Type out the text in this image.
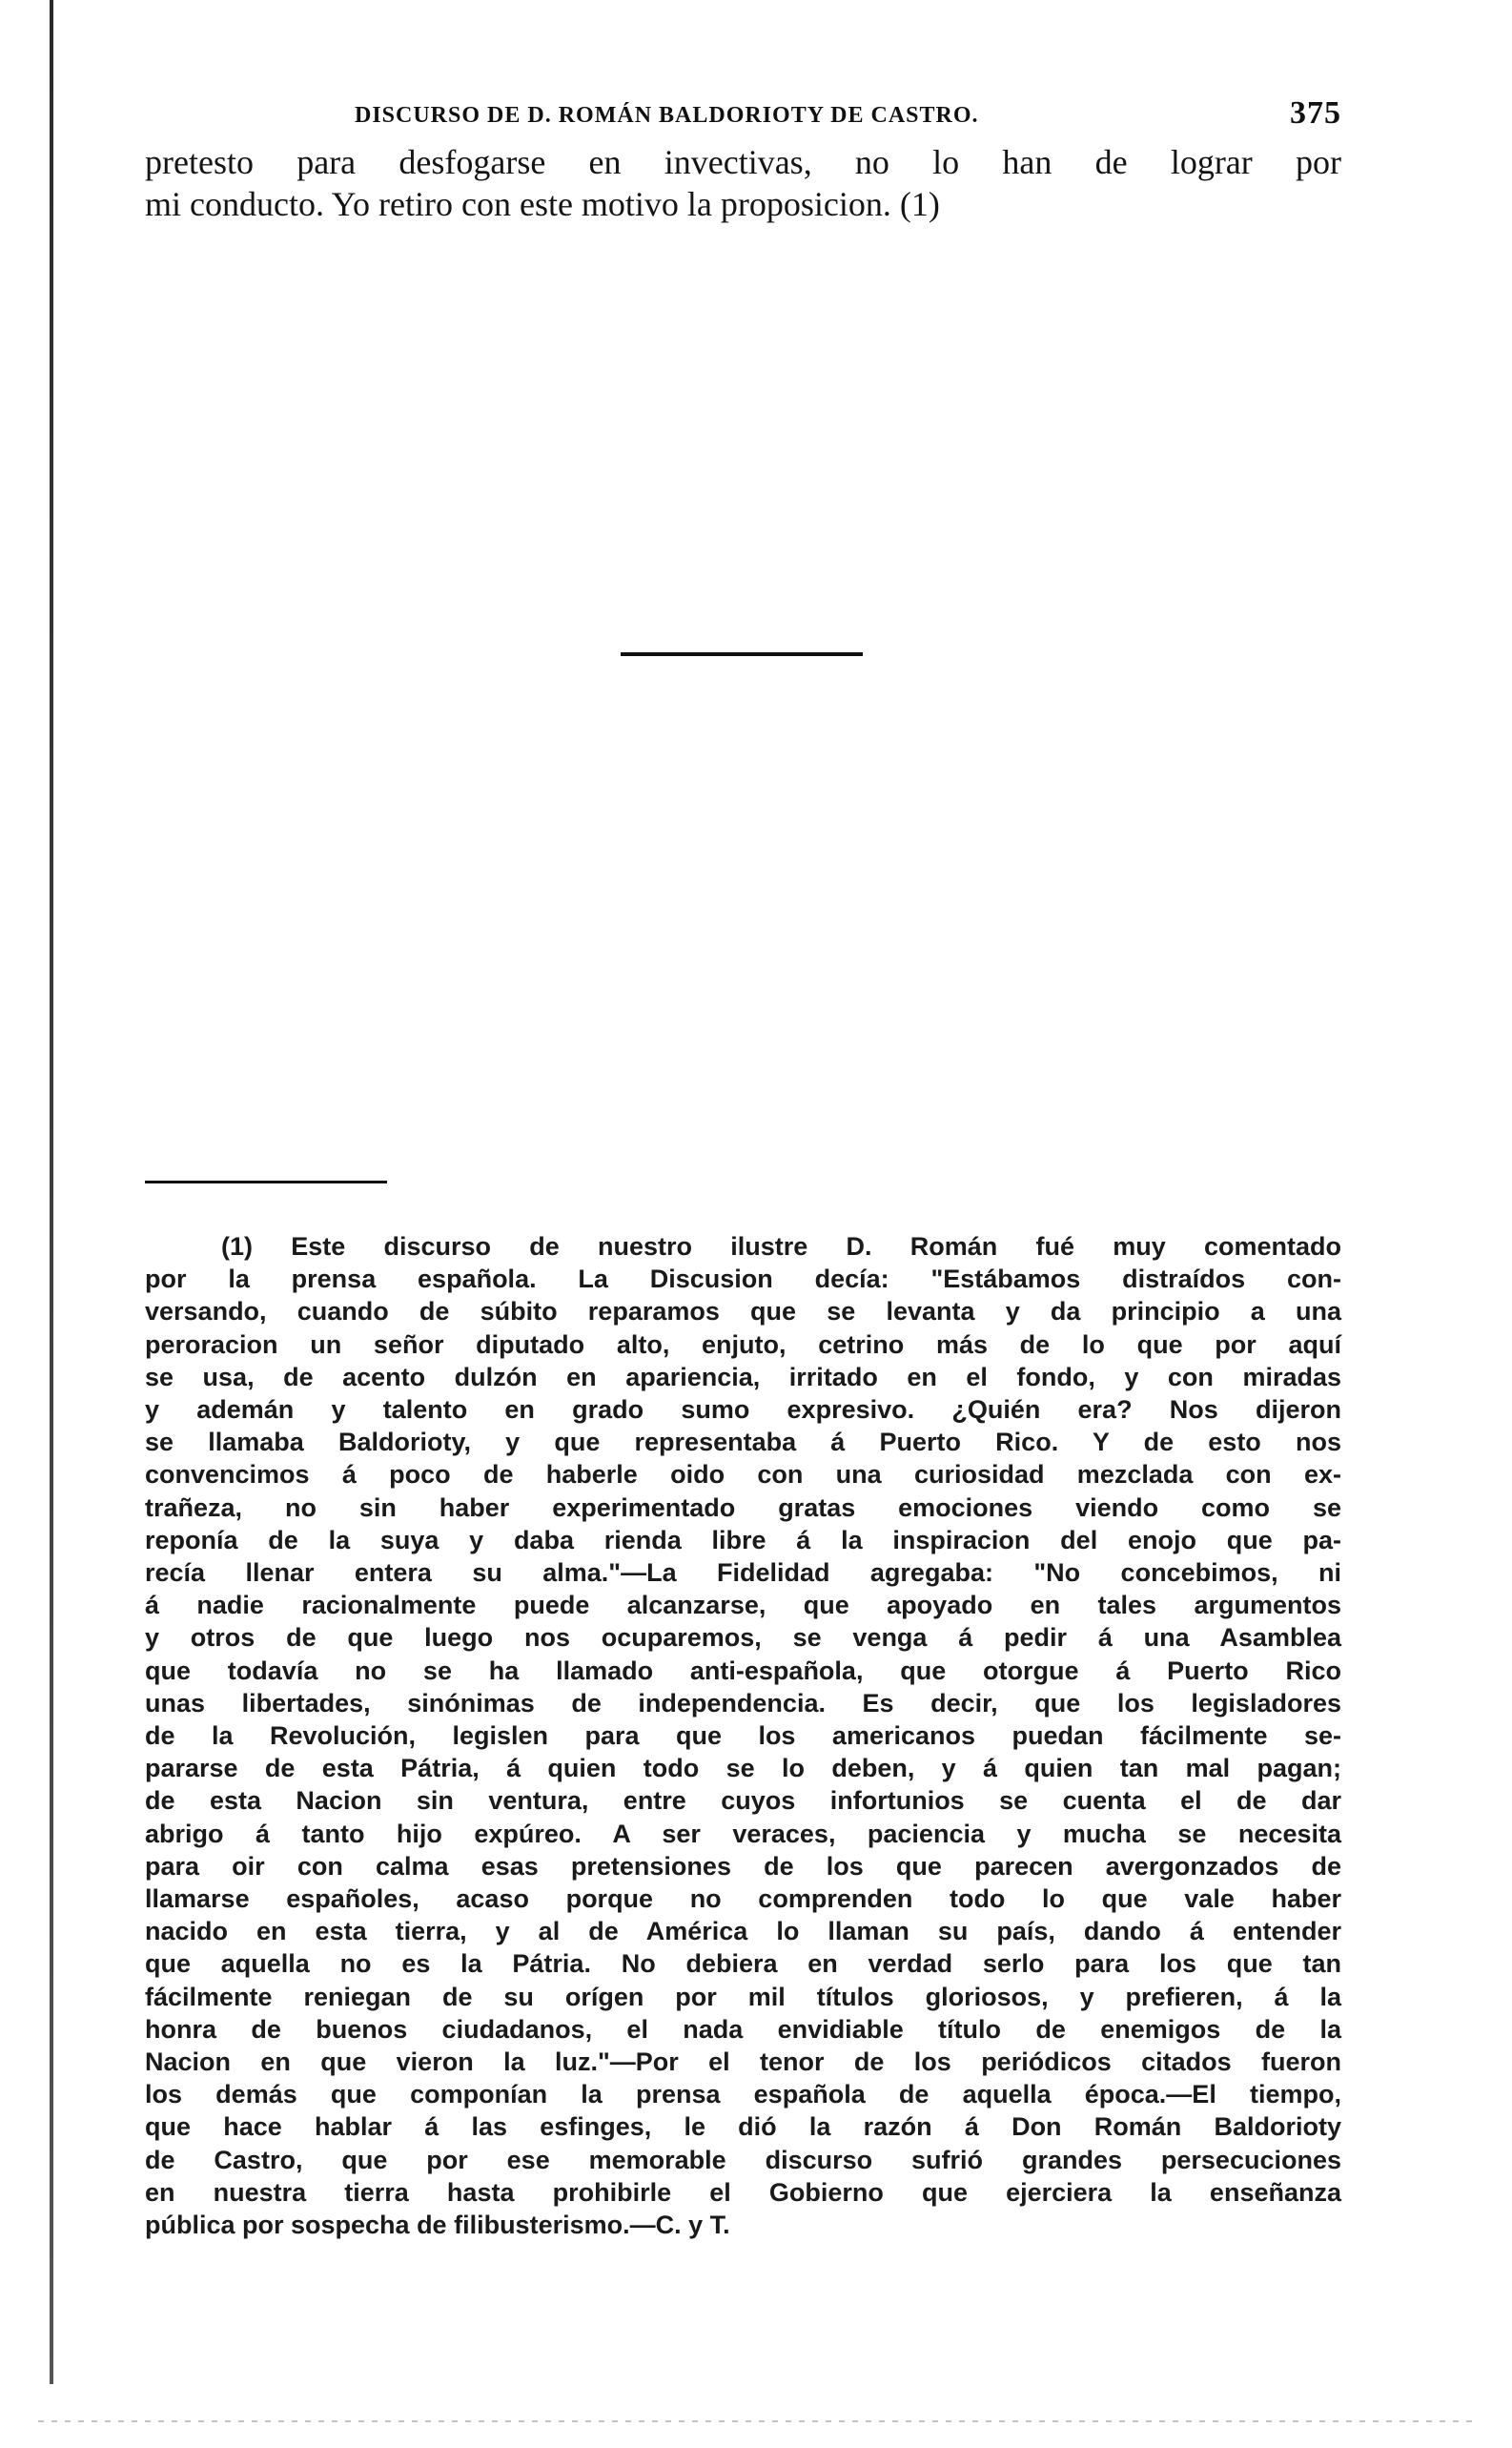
DISCURSO DE D. ROMÁN BALDORIOTY DE CASTRO.	375

pretesto para desfogarse en invectivas, no lo han de lograr por
mi conducto. Yo retiro con este motivo la proposicion. (1)

(1) Este discurso de nuestro ilustre D. Román fué muy comentado
por la prensa española. La Discusion decía: "Estábamos distraídos con-
versando, cuando de súbito reparamos que se levanta y da principio a una
peroracion un señor diputado alto, enjuto, cetrino más de lo que por aquí
se usa, de acento dulzón en apariencia, irritado en el fondo, y con miradas
y ademán y talento en grado sumo expresivo. ¿Quién era? Nos dijeron
se llamaba Baldorioty, y que representaba á Puerto Rico. Y de esto nos
convencimos á poco de haberle oido con una curiosidad mezclada con ex-
trañeza, no sin haber experimentado gratas emociones viendo como se
reponía de la suya y daba rienda libre á la inspiracion del enojo que pa-
recía llenar entera su alma."—La Fidelidad agregaba: "No concebimos, ni
á nadie racionalmente puede alcanzarse, que apoyado en tales argumentos
y otros de que luego nos ocuparemos, se venga á pedir á una Asamblea
que todavía no se ha llamado anti-española, que otorgue á Puerto Rico
unas libertades, sinónimas de independencia. Es decir, que los legisladores
de la Revolución, legislen para que los americanos puedan fácilmente se-
pararse de esta Pátria, á quien todo se lo deben, y á quien tan mal pagan;
de esta Nacion sin ventura, entre cuyos infortunios se cuenta el de dar
abrigo á tanto hijo expúreo. A ser veraces, paciencia y mucha se necesita
para oir con calma esas pretensiones de los que parecen avergonzados de
llamarse españoles, acaso porque no comprenden todo lo que vale haber
nacido en esta tierra, y al de América lo llaman su país, dando á entender
que aquella no es la Pátria. No debiera en verdad serlo para los que tan
fácilmente reniegan de su orígen por mil títulos gloriosos, y prefieren, á la
honra de buenos ciudadanos, el nada envidiable título de enemigos de la
Nacion en que vieron la luz."—Por el tenor de los periódicos citados fueron
los demás que componían la prensa española de aquella época.—El tiempo,
que hace hablar á las esfinges, le dió la razón á Don Román Baldorioty
de Castro, que por ese memorable discurso sufrió grandes persecuciones
en nuestra tierra hasta prohibirle el Gobierno que ejerciera la enseñanza
pública por sospecha de filibusterismo.—C. y T.
